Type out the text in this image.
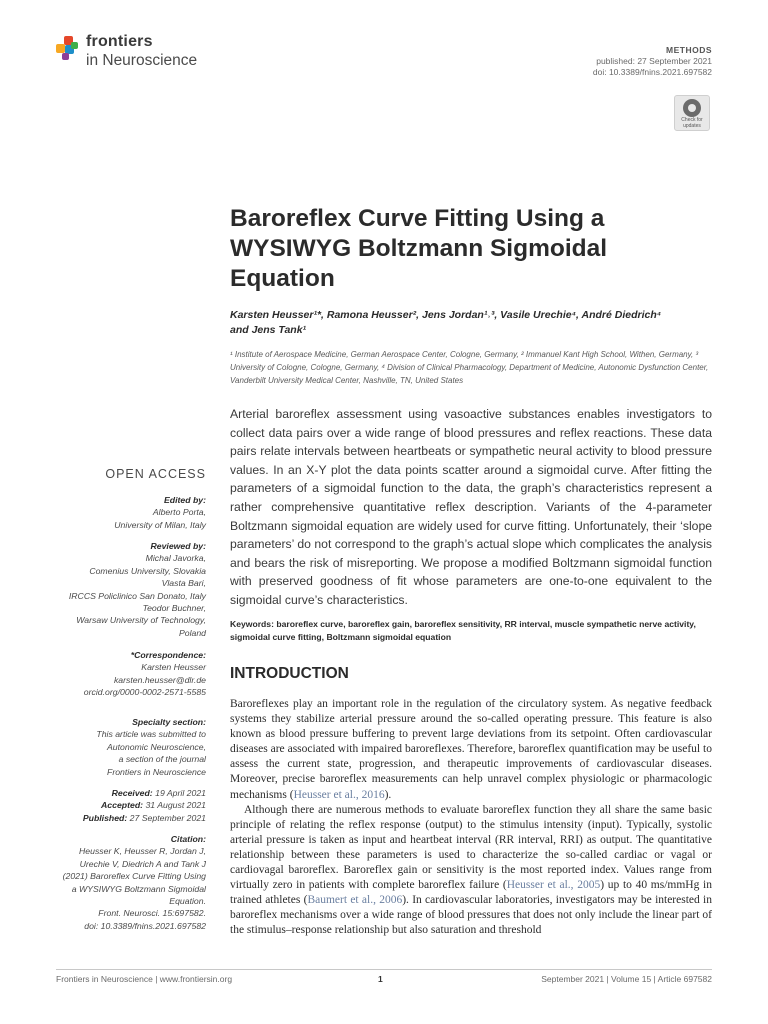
frontiers
in Neuroscience
METHODS
published: 27 September 2021
doi: 10.3389/fnins.2021.697582
Check for
updates
Baroreflex Curve Fitting Using a WYSIWYG Boltzmann Sigmoidal Equation
Karsten Heusser¹*, Ramona Heusser², Jens Jordan¹˒³, Vasile Urechie⁴, André Diedrich⁴
and Jens Tank¹
¹ Institute of Aerospace Medicine, German Aerospace Center, Cologne, Germany, ² Immanuel Kant High School, Withen, Germany, ³ University of Cologne, Cologne, Germany, ⁴ Division of Clinical Pharmacology, Department of Medicine, Autonomic Dysfunction Center, Vanderbilt University Medical Center, Nashville, TN, United States
Arterial baroreflex assessment using vasoactive substances enables investigators to collect data pairs over a wide range of blood pressures and reflex reactions. These data pairs relate intervals between heartbeats or sympathetic neural activity to blood pressure values. In an X-Y plot the data points scatter around a sigmoidal curve. After fitting the parameters of a sigmoidal function to the data, the graph’s characteristics represent a rather comprehensive quantitative reflex description. Variants of the 4-parameter Boltzmann sigmoidal equation are widely used for curve fitting. Unfortunately, their ‘slope parameters’ do not correspond to the graph’s actual slope which complicates the analysis and bears the risk of misreporting. We propose a modified Boltzmann sigmoidal function with preserved goodness of fit whose parameters are one-to-one equivalent to the sigmoidal curve’s characteristics.
Keywords: baroreflex curve, baroreflex gain, baroreflex sensitivity, RR interval, muscle sympathetic nerve activity, sigmoidal curve fitting, Boltzmann sigmoidal equation
OPEN ACCESS
Edited by:
Alberto Porta,
University of Milan, Italy
Reviewed by:
Michal Javorka,
Comenius University, Slovakia
Vlasta Bari,
IRCCS Policlinico San Donato, Italy
Teodor Buchner,
Warsaw University of Technology,
Poland
*Correspondence:
Karsten Heusser
karsten.heusser@dlr.de
orcid.org/0000-0002-2571-5585
Specialty section:
This article was submitted to
Autonomic Neuroscience,
a section of the journal
Frontiers in Neuroscience
Received: 19 April 2021
Accepted: 31 August 2021
Published: 27 September 2021
Citation:
Heusser K, Heusser R, Jordan J,
Urechie V, Diedrich A and Tank J
(2021) Baroreflex Curve Fitting Using
a WYSIWYG Boltzmann Sigmoidal
Equation.
Front. Neurosci. 15:697582.
doi: 10.3389/fnins.2021.697582
INTRODUCTION

Baroreflexes play an important role in the regulation of the circulatory system. As negative feedback systems they stabilize arterial pressure around the so-called operating pressure. This feature is also known as blood pressure buffering to prevent large deviations from its setpoint. Often cardiovascular diseases are associated with impaired baroreflexes. Therefore, baroreflex quantification may be useful to assess the current state, progression, and therapeutic improvements of cardiovascular diseases. Moreover, precise baroreflex measurements can help unravel complex physiologic or pharmacologic mechanisms (Heusser et al., 2016).

Although there are numerous methods to evaluate baroreflex function they all share the same basic principle of relating the reflex response (output) to the stimulus intensity (input). Typically, systolic arterial pressure is taken as input and heartbeat interval (RR interval, RRI) as output. The quantitative relationship between these parameters is used to characterize the so-called cardiac or vagal or cardiovagal baroreflex. Baroreflex gain or sensitivity is the most reported index. Values range from virtually zero in patients with complete baroreflex failure (Heusser et al., 2005) up to 40 ms/mmHg in trained athletes (Baumert et al., 2006). In cardiovascular laboratories, investigators may be interested in baroreflex mechanisms over a wide range of blood pressures that does not only include the linear part of the stimulus–response relationship but also saturation and threshold

Frontiers in Neuroscience | www.frontiersin.org	1	September 2021 | Volume 15 | Article 697582
